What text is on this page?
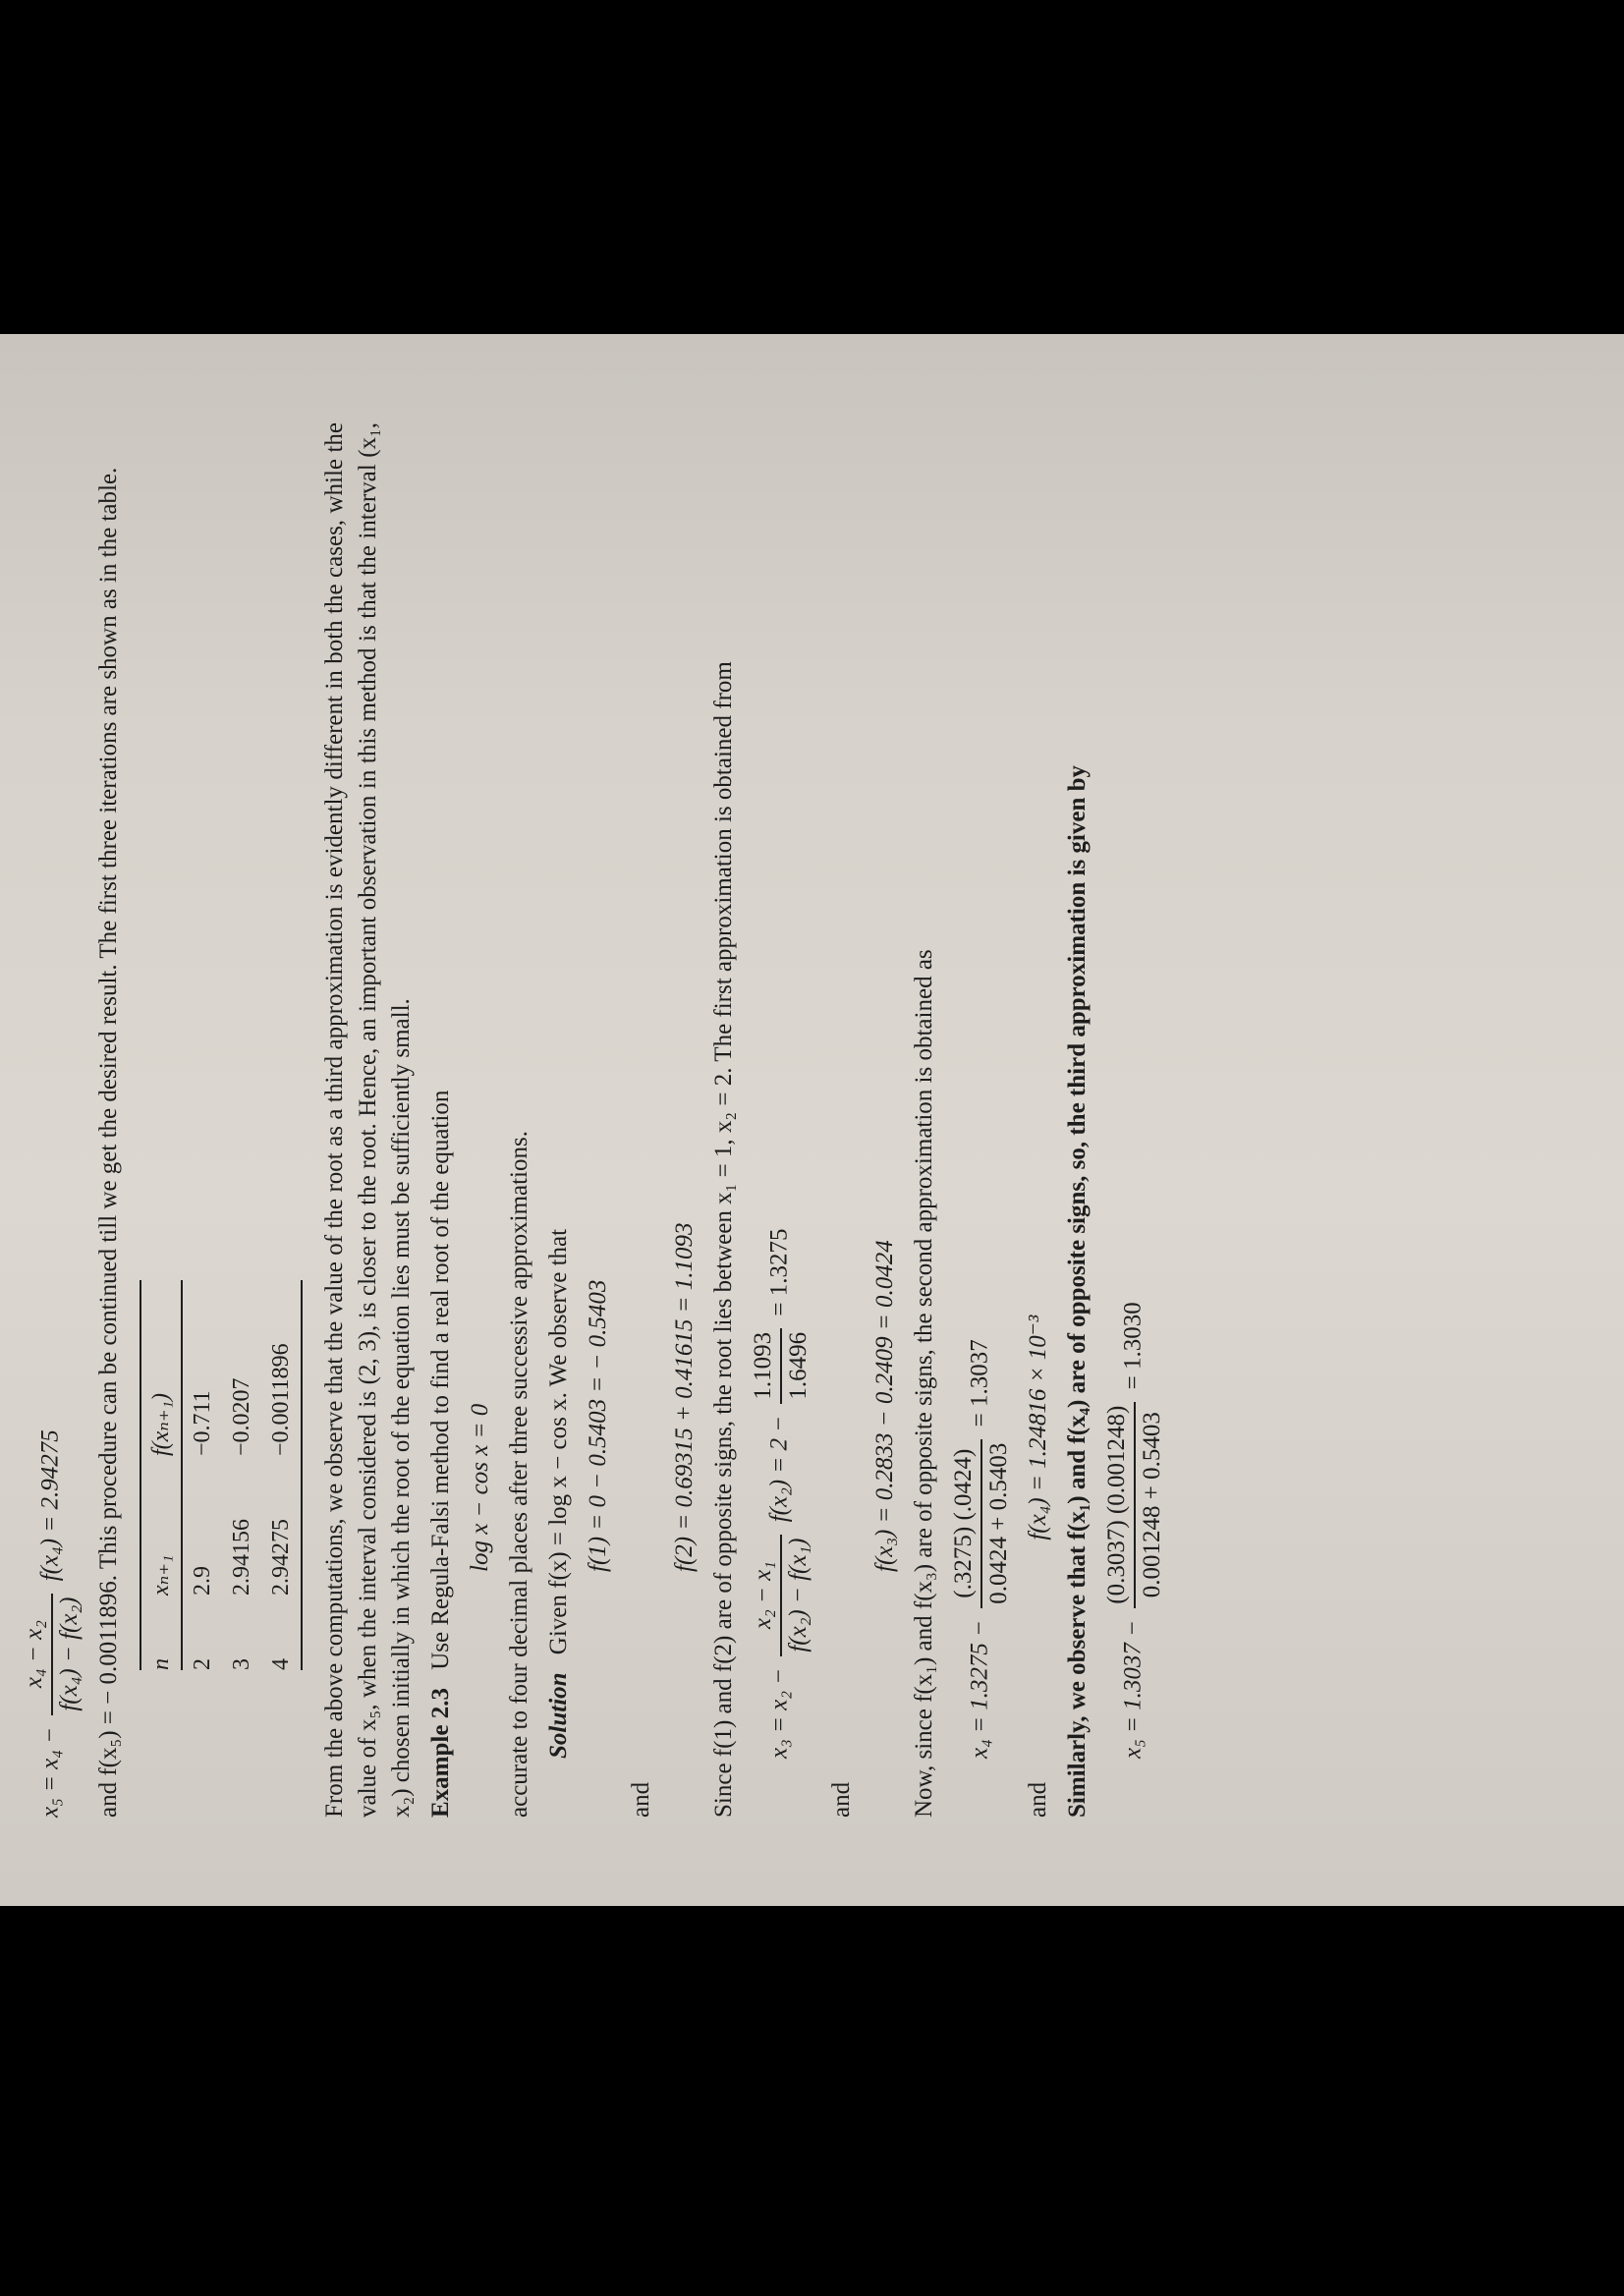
x₅ = x₄ −
x₄ − x₂ f(x₄) − f(x₂)
f(x₄) = 2.94275	and f(x₅) = − 0.0011896. This procedure can be continued till we get the desired result. The first three iterations are shown as in the table. n	xₙ₊₁	f(xₙ₊₁)
2	2.9	−0.711
3	2.94156	−0.0207
4	2.94275	−0.0011896 From the above computations, we observe that the value of the root as a third approximation is evidently different in both the cases, while the value of x₅, when the interval considered is (2, 3), is closer to the root. Hence, an important observation in this method is that the interval (x₁, x₂) chosen initially in which the root of the equation lies must be sufficiently small. Example 2.3 Use Regula-Falsi method to find a real root of the equation log x − cos x = 0 accurate to four decimal places after three successive approximations. Solution Given f(x) = log x − cos x. We observe that f(1) = 0 − 0.5403 = − 0.5403
and
f(2) = 0.69315 + 0.41615 = 1.1093 Since f(1) and f(2) are of opposite signs, the root lies between x₁ = 1, x₂ = 2. The first approximation is obtained from	x₃ = x₂ −
x₂ − x₁ f(x₂) − f(x₁)
f(x₂) = 2 −
1.1093 1.6496
= 1.3275
and
f(x₃) = 0.2833 − 0.2409 = 0.0424 Now, since f(x₁) and f(x₃) are of opposite signs, the second approximation is obtained as	x₄ = 1.3275 −
(.3275) (.0424) 0.0424 + 0.5403
= 1.3037
and f(x₄) = 1.24816 × 10⁻³ Similarly, we observe that f(x₁) and f(x₄) are of opposite signs, so, the third approximation is given by	x₅ = 1.3037 −
(0.3037) (0.001248) 0.001248 + 0.5403
= 1.3030
